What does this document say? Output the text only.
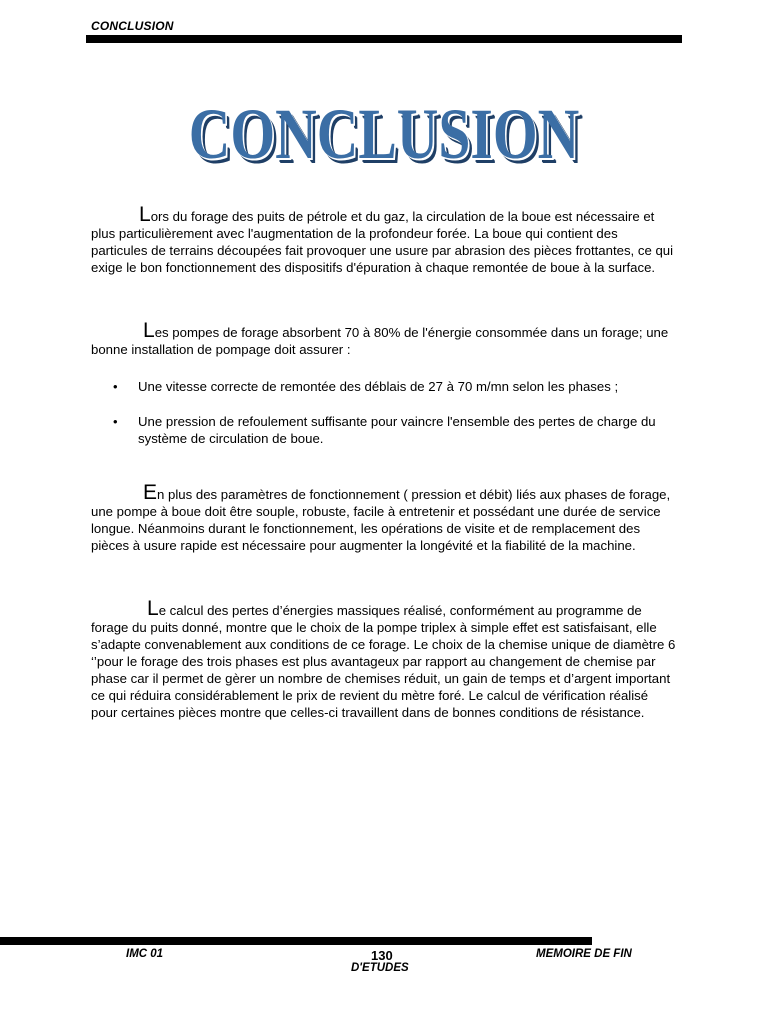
CONCLUSION
CONCLUSION

Lors du forage des puits de pétrole et du gaz, la circulation de la boue est nécessaire et plus particulièrement avec l'augmentation de la profondeur forée. La boue qui contient des particules de terrains découpées fait provoquer une usure par abrasion des pièces frottantes, ce qui exige le bon fonctionnement des dispositifs d'épuration à chaque remontée de boue à la surface.

Les pompes de forage absorbent 70 à 80% de l'énergie consommée dans un forage; une bonne installation de pompage doit assurer :

• Une vitesse correcte de remontée des déblais de 27 à 70 m/mn selon les phases ;
• Une pression de refoulement suffisante pour vaincre l'ensemble des pertes de charge du système de circulation de boue.

En plus des paramètres de fonctionnement ( pression et débit) liés aux phases de forage, une pompe à boue doit être souple, robuste, facile à entretenir et possédant une durée de service longue. Néanmoins durant le fonctionnement, les opérations de visite et de remplacement des pièces à usure rapide est nécessaire pour augmenter la longévité et la fiabilité de la machine.

Le calcul des pertes d’énergies massiques réalisé, conformément au programme de forage du puits donné, montre que le choix de la pompe triplex à simple effet est satisfaisant, elle s’adapte convenablement aux conditions de ce forage. Le choix de la chemise unique de diamètre 6 ‘’pour le forage des trois phases est plus avantageux par rapport au changement de chemise par phase car il permet de gèrer un nombre de chemises réduit, un gain de temps et d’argent important ce qui réduira considérablement le prix de revient du mètre foré. Le calcul de vérification réalisé pour certaines pièces montre que celles-ci travaillent dans de bonnes conditions de résistance.

IMC 01	130	MEMOIRE DE FIN
D'ETUDES
